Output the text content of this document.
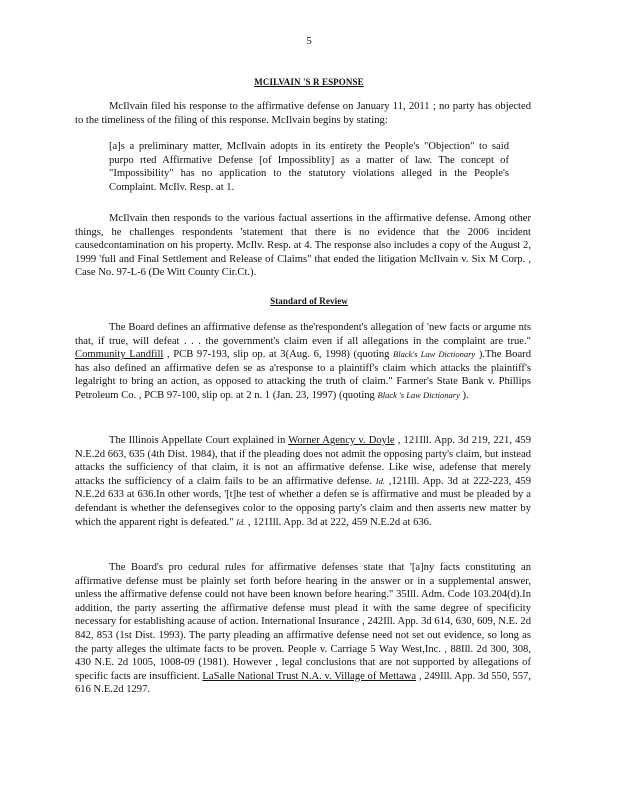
5
MCILVAIN 'S R ESPONSE

McIlvain filed his response to the affirmative defense on January 11, 2011 ; no party has objected to the timeliness of the filing of this response. McIlvain begins by stating:

[a]s a preliminary matter, McIlvain adopts in its entirety the People's "Objection" to said purpo rted Affirmative Defense [of Impossiblity] as a matter of law. The concept of "Impossibility" has no application to the statutory violations alleged in the People's Complaint. McIlv. Resp. at 1.

McIlvain then responds to the various factual assertions in the affirmative defense. Among other things, he challenges respondents 'statement that there is no evidence that the 2006 incident causedcontamination on his property. McIlv. Resp. at 4. The response also includes a copy of the August 2, 1999 'full and Final Settlement and Release of Claims" that ended the litigation McIlvain v. Six M Corp. , Case No. 97-L-6 (De Witt County Cir.Ct.).

Standard of Review

The Board defines an affirmative defense as the'respondent's allegation of 'new facts or argume nts that, if true, will defeat . . . the government's claim even if all allegations in the complaint are true." Community Landfill , PCB 97-193, slip op. at 3(Aug. 6, 1998) (quoting Black's Law Dictionary ).The Board has also defined an affirmative defen se as a'response to a plaintiff's claim which attacks the plaintiff's legalright to bring an action, as opposed to attacking the truth of claim." Farmer's State Bank v. Phillips Petroleum Co. , PCB 97-100, slip op. at 2 n. 1 (Jan. 23, 1997) (quoting Black 's Law Dictionary ).

The Illinois Appellate Court explained in Worner Agency v. Doyle , 121Ill. App. 3d 219, 221, 459 N.E.2d 663, 635 (4th Dist. 1984), that if the pleading does not admit the opposing party's claim, but instead attacks the sufficiency of that claim, it is not an affirmative defense. Like wise, adefense that merely attacks the sufficiency of a claim fails to be an affirmative defense. Id. ,121Ill. App. 3d at 222-223, 459 N.E.2d 633 at 636.In other words, '[t]he test of whether a defen se is affirmative and must be pleaded by a defendant is whether the defensegives color to the opposing party's claim and then asserts new matter by which the apparent right is defeated." Id. , 121Ill. App. 3d at 222, 459 N.E.2d at 636.

The Board's pro cedural rules for affirmative defenses state that '[a]ny facts constituting an affirmative defense must be plainly set forth before hearing in the answer or in a supplemental answer, unless the affirmative defense could not have been known before hearing." 35Ill. Adm. Code 103.204(d).In addition, the party asserting the affirmative defense must plead it with the same degree of specificity necessary for establishing acause of action. International Insurance , 242Ill. App. 3d 614, 630, 609, N.E. 2d 842, 853 (1st Dist. 1993). The party pleading an affirmative defense need not set out evidence, so long as the party alleges the ultimate facts to be proven. People v. Carriage 5 Way West,Inc. , 88Ill. 2d 300, 308, 430 N.E. 2d 1005, 1008-09 (1981). However , legal conclusions that are not supported by allegations of specific facts are insufficient. LaSalle National Trust N.A. v. Village of Mettawa , 249Ill. App. 3d 550, 557, 616 N.E.2d 1297.
